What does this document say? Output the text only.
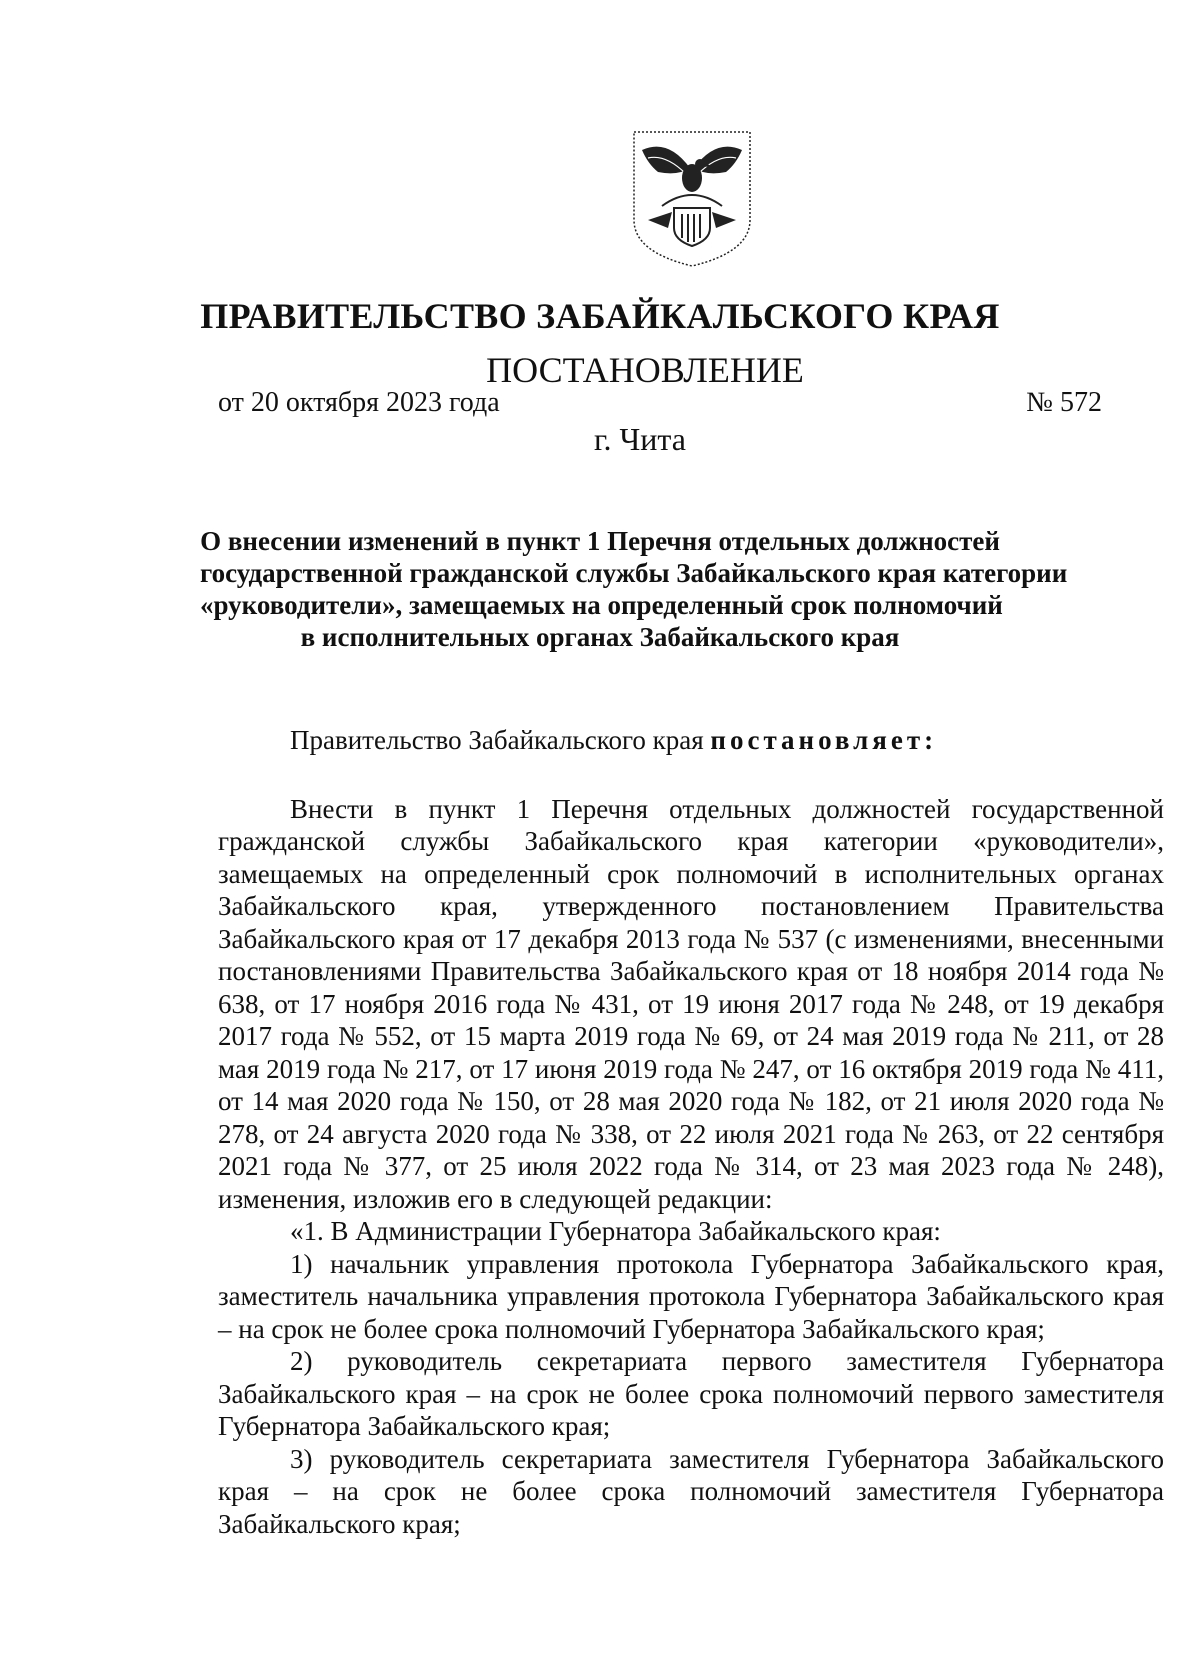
ПРАВИТЕЛЬСТВО ЗАБАЙКАЛЬСКОГО КРАЯ
ПОСТАНОВЛЕНИЕ
от 20 октября 2023 года	№ 572
г. Чита
О внесении изменений в пункт 1 Перечня отдельных должностей
государственной гражданской службы Забайкальского края категории
«руководители», замещаемых на определенный срок полномочий
в исполнительных органах Забайкальского края

Правительство Забайкальского края постановляет:

Внести в пункт 1 Перечня отдельных должностей государственной гражданской службы Забайкальского края категории «руководители», замещаемых на определенный срок полномочий в исполнительных органах Забайкальского края, утвержденного постановлением Правительства Забайкальского края от 17 декабря 2013 года № 537 (с изменениями, внесенными постановлениями Правительства Забайкальского края от 18 ноября 2014 года № 638, от 17 ноября 2016 года № 431, от 19 июня 2017 года № 248, от 19 декабря 2017 года № 552, от 15 марта 2019 года № 69, от 24 мая 2019 года № 211, от 28 мая 2019 года № 217, от 17 июня 2019 года № 247, от 16 октября 2019 года № 411, от 14 мая 2020 года № 150, от 28 мая 2020 года № 182, от 21 июля 2020 года № 278, от 24 августа 2020 года № 338, от 22 июля 2021 года № 263, от 22 сентября 2021 года № 377, от 25 июля 2022 года № 314, от 23 мая 2023 года № 248), изменения, изложив его в следующей редакции:

«1. В Администрации Губернатора Забайкальского края:

1) начальник управления протокола Губернатора Забайкальского края, заместитель начальника управления протокола Губернатора Забайкальского края – на срок не более срока полномочий Губернатора Забайкальского края;

2) руководитель секретариата первого заместителя Губернатора Забайкальского края – на срок не более срока полномочий первого заместителя Губернатора Забайкальского края;

3) руководитель секретариата заместителя Губернатора Забайкальского края – на срок не более срока полномочий заместителя Губернатора Забайкальского края;
